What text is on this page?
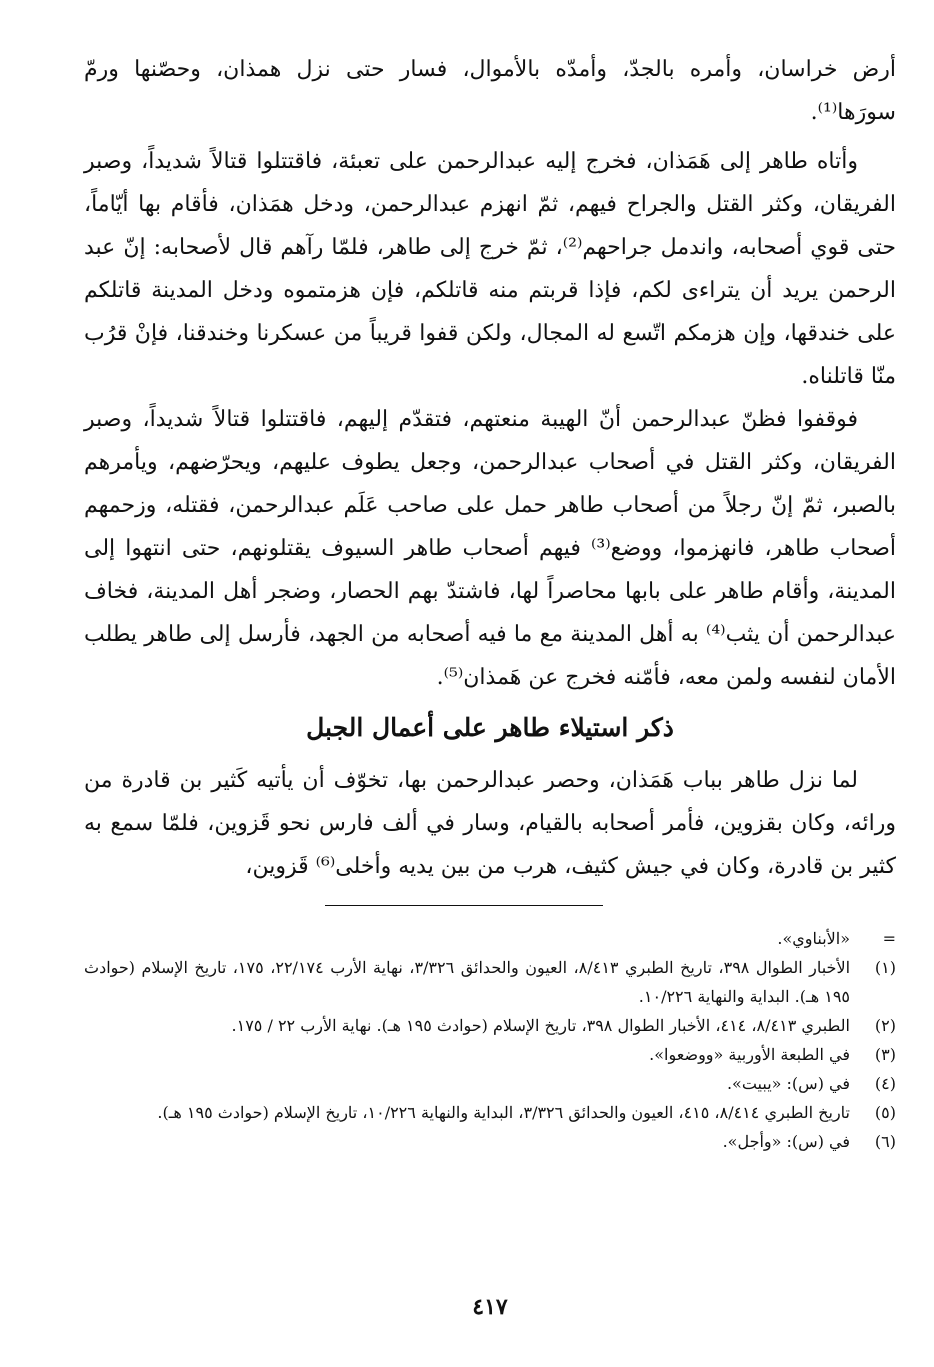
أرض خراسان، وأمره بالجدّ، وأمدّه بالأموال، فسار حتى نزل همذان، وحصّنها ورمّ سورَها⁽¹⁾.

وأتاه طاهر إلى هَمَذان، فخرج إليه عبدالرحمن على تعبئة، فاقتتلوا قتالاً شديداً، وصبر الفريقان، وكثر القتل والجراح فيهم، ثمّ انهزم عبدالرحمن، ودخل همَذان، فأقام بها أيّاماً، حتى قوي أصحابه، واندمل جراحهم⁽²⁾، ثمّ خرج إلى طاهر، فلمّا رآهم قال لأصحابه: إنّ عبد الرحمن يريد أن يتراءى لكم، فإذا قربتم منه قاتلكم، فإن هزمتموه ودخل المدينة قاتلكم على خندقها، وإن هزمكم اتّسع له المجال، ولكن قفوا قريباً من عسكرنا وخندقنا، فإنْ قرُب منّا قاتلناه.

فوقفوا فظنّ عبدالرحمن أنّ الهيبة منعتهم، فتقدّم إليهم، فاقتتلوا قتالاً شديداً، وصبر الفريقان، وكثر القتل في أصحاب عبدالرحمن، وجعل يطوف عليهم، ويحرّضهم، ويأمرهم بالصبر، ثمّ إنّ رجلاً من أصحاب طاهر حمل على صاحب عَلَم عبدالرحمن، فقتله، وزحمهم أصحاب طاهر، فانهزموا، ووضع⁽³⁾ فيهم أصحاب طاهر السيوف يقتلونهم، حتى انتهوا إلى المدينة، وأقام طاهر على بابها محاصراً لها، فاشتدّ بهم الحصار، وضجر أهل المدينة، فخاف عبدالرحمن أن يثب⁽⁴⁾ به أهل المدينة مع ما فيه أصحابه من الجهد، فأرسل إلى طاهر يطلب الأمان لنفسه ولمن معه، فأمّنه فخرج عن هَمذان⁽⁵⁾.

ذكر استيلاء طاهر على أعمال الجبل

لما نزل طاهر بباب هَمَذان، وحصر عبدالرحمن بها، تخوّف أن يأتيه كَثير بن قادرة من ورائه، وكان بقزوين، فأمر أصحابه بالقيام، وسار في ألف فارس نحو قَزوين، فلمّا سمع به كثير بن قادرة، وكان في جيش كثيف، هرب من بين يديه وأخلى⁽⁶⁾ قَزوين،

=
«الأبناوي».
(١)
الأخبار الطوال ٣٩٨، تاريخ الطبري ٨/٤١٣، العيون والحدائق ٣/٣٢٦، نهاية الأرب ٢٢/١٧٤، ١٧٥، تاريخ الإسلام (حوادث ١٩٥ هـ). البداية والنهاية ١٠/٢٢٦.
(٢)
الطبري ٨/٤١٣، ٤١٤، الأخبار الطوال ٣٩٨، تاريخ الإسلام (حوادث ١٩٥ هـ). نهاية الأرب ٢٢ / ١٧٥.
(٣)
في الطبعة الأوربية «ووضعوا».
(٤)
في (س): «يبيت».
(٥)
تاريخ الطبري ٨/٤١٤، ٤١٥، العيون والحدائق ٣/٣٢٦، البداية والنهاية ١٠/٢٢٦، تاريخ الإسلام (حوادث ١٩٥ هـ).
(٦)
في (س): «وأجل».
٤١٧
